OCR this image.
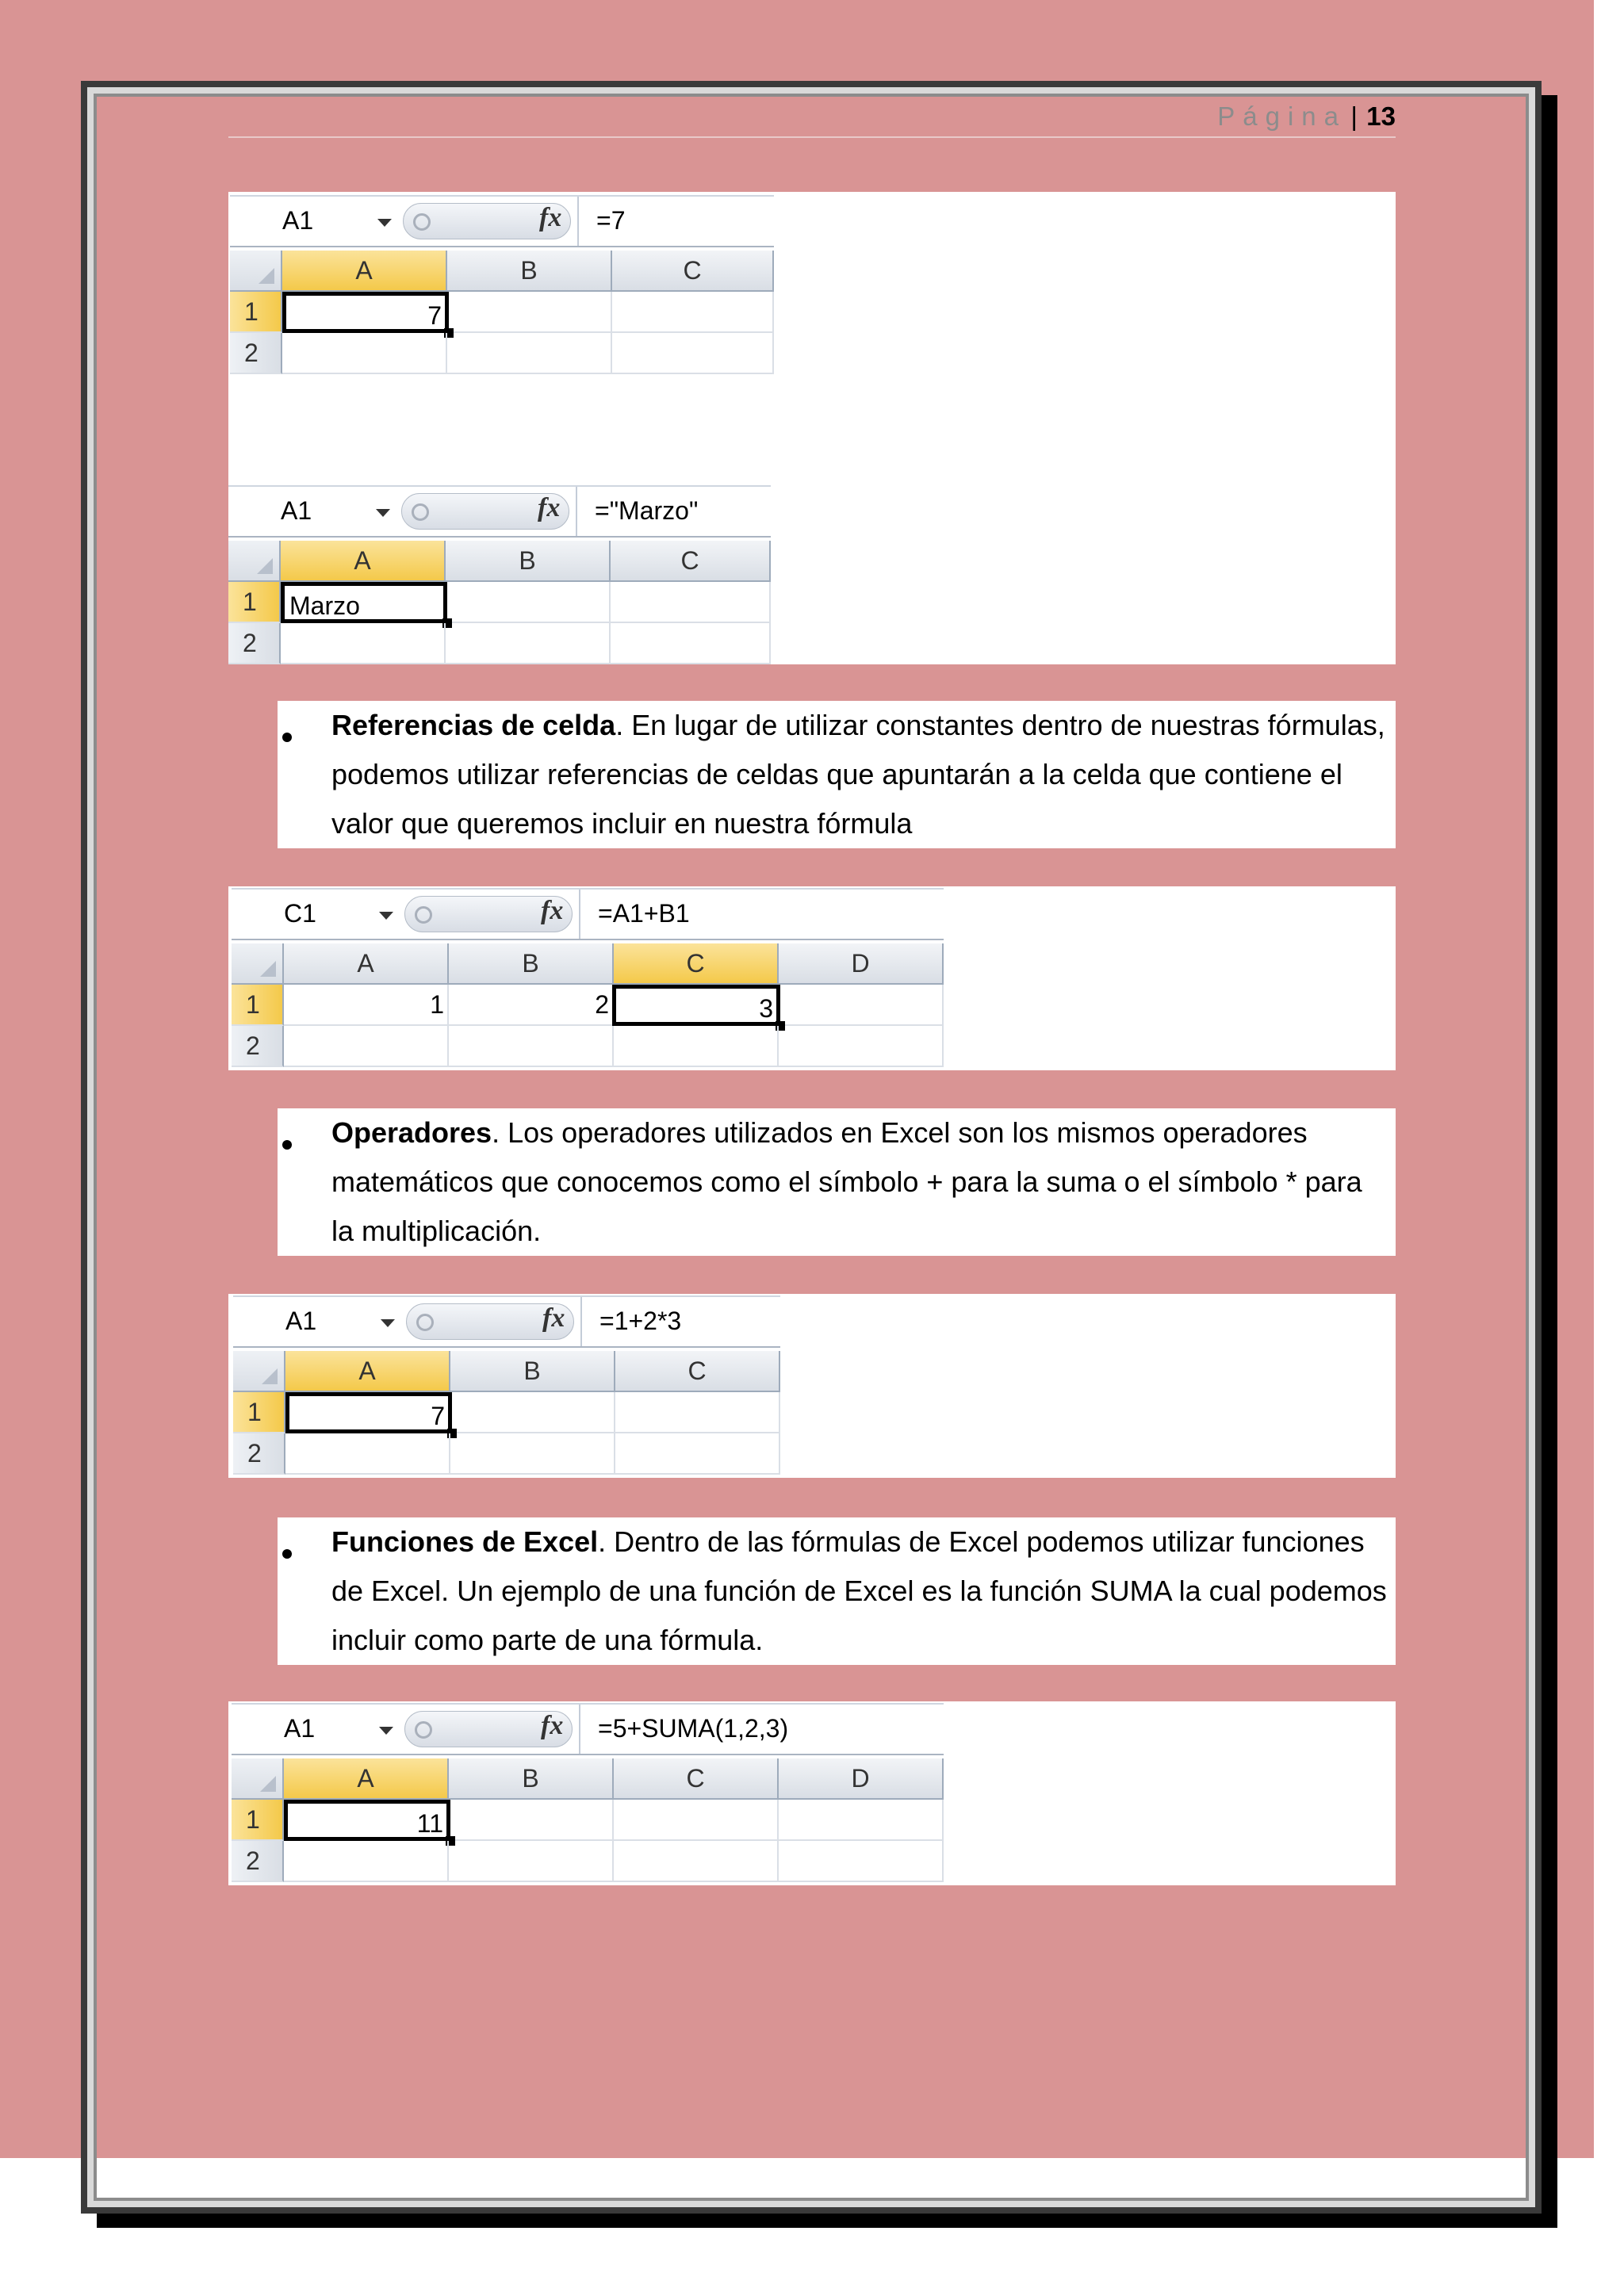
Página | 13
A1	fx =7
A	B	C
1	7
2
A1	fx ="Marzo"
A	B	C
1	Marzo
2
Referencias de celda. En lugar de utilizar constantes dentro de nuestras fórmulas, podemos utilizar referencias de celdas que apuntarán a la celda que contiene el valor que queremos incluir en nuestra fórmula
C1	fx =A1+B1
A	B	C	D
1	1	2	3
2
Operadores. Los operadores utilizados en Excel son los mismos operadores matemáticos que conocemos como el símbolo + para la suma o el símbolo * para la multiplicación.
A1	fx =1+2*3
A	B	C
1	7
2
Funciones de Excel. Dentro de las fórmulas de Excel podemos utilizar funciones de Excel. Un ejemplo de una función de Excel es la función SUMA la cual podemos incluir como parte de una fórmula.
A1	fx =5+SUMA(1,2,3)
A	B	C	D
1	11
2
